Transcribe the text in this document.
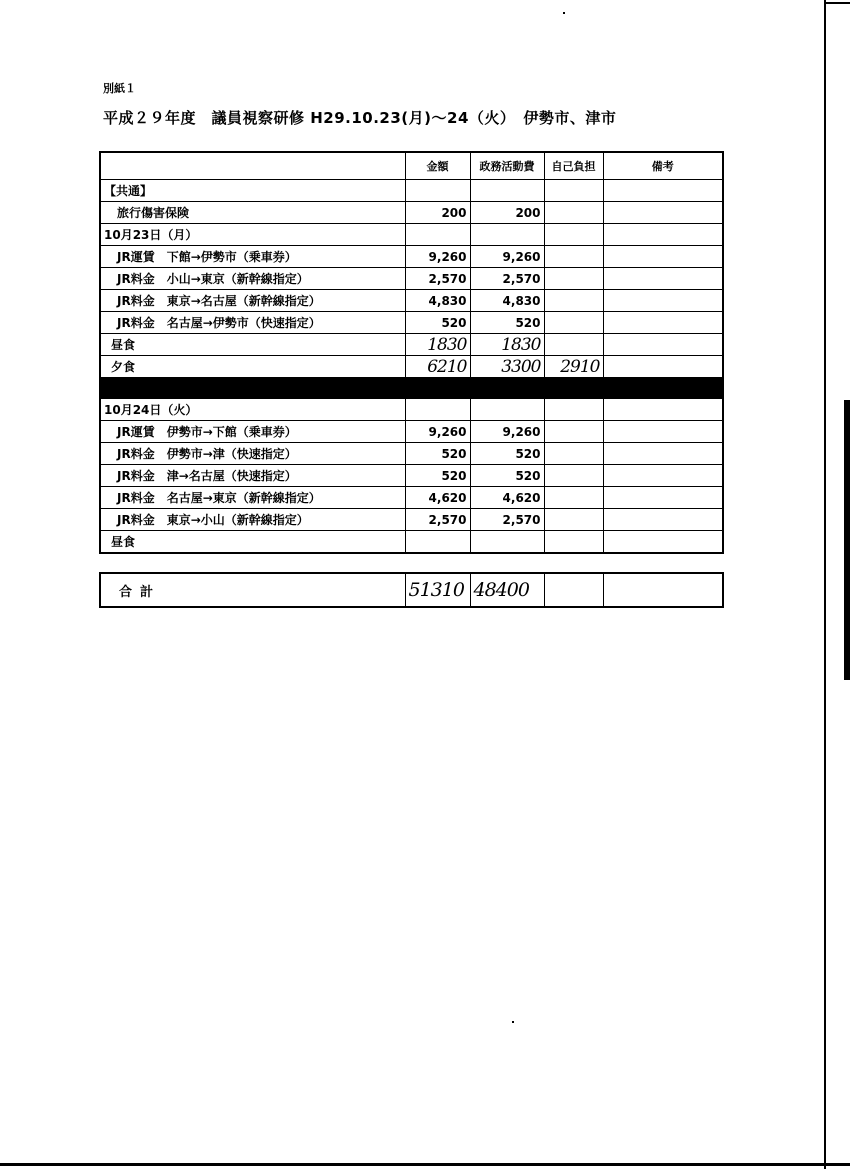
別紙１
平成２９年度　議員視察研修 H29.10.23(月)～24（火）　伊勢市、津市
	金額	政務活動費	自己負担	備考
【共通】				
旅行傷害保険	200	200		
10月23日（月）				
JR運賃　下館→伊勢市（乗車券）	9,260	9,260		
JR料金　小山→東京（新幹線指定）	2,570	2,570		
JR料金　東京→名古屋（新幹線指定）	4,830	4,830		
JR料金　名古屋→伊勢市（快速指定）	520	520		
昼食	1830	1830		
夕食	6210	3300	2910	

10月24日（火）				
JR運賃　伊勢市→下館（乗車券）	9,260	9,260		
JR料金　伊勢市→津（快速指定）	520	520		
JR料金　津→名古屋（快速指定）	520	520		
JR料金　名古屋→東京（新幹線指定）	4,620	4,620		
JR料金　東京→小山（新幹線指定）	2,570	2,570		
昼食				
合計	51310	48400		
